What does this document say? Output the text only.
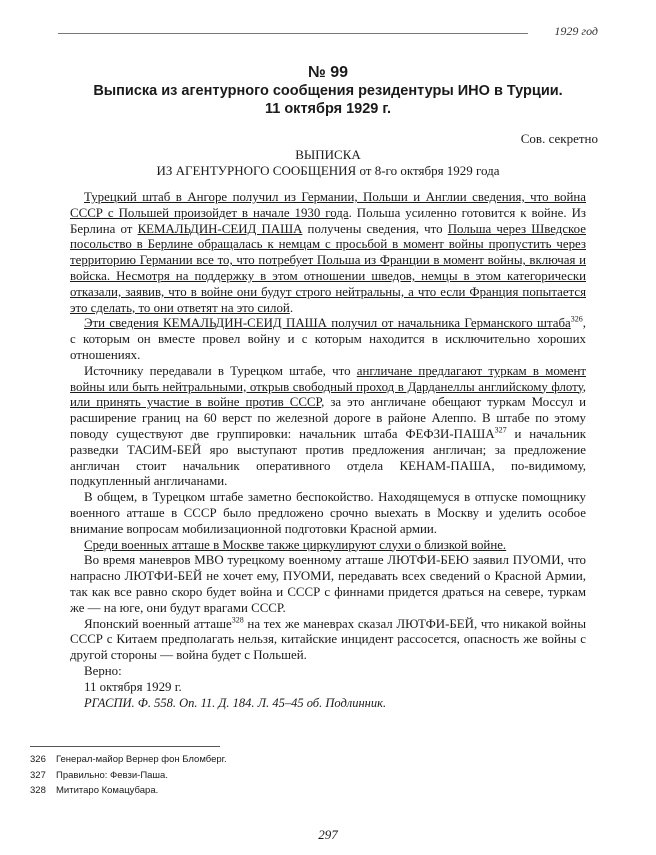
1929 год
№ 99
Выписка из агентурного сообщения резидентуры ИНО в Турции.
11 октября 1929 г.
Сов. секретно
ВЫПИСКА
ИЗ АГЕНТУРНОГО СООБЩЕНИЯ от 8-го октября 1929 года

Турецкий штаб в Ангоре получил из Германии, Польши и Англии сведения, что война СССР с Польшей произойдет в начале 1930 года. Польша усиленно готовится к войне. Из Берлина от КЕМАЛЬДИН-СЕИД ПАША получены сведения, что Польша через Шведское посольство в Берлине обращалась к немцам с просьбой в момент войны пропустить через территорию Германии все то, что потребует Польша из Франции в момент войны, включая и войска. Несмотря на поддержку в этом отношении шведов, немцы в этом категорически отказали, заявив, что в войне они будут строго нейтральны, а что если Франция попытается это сделать, то они ответят на это силой.

Эти сведения КЕМАЛЬДИН-СЕИД ПАША получил от начальника Германского штаба$^{326}$, с которым он вместе провел войну и с которым находится в исключительно хороших отношениях.

Источнику передавали в Турецком штабе, что англичане предлагают туркам в момент войны или быть нейтральными, открыв свободный проход в Дарданеллы английскому флоту, или принять участие в войне против СССР, за это англичане обещают туркам Моссул и расширение границ на 60 верст по железной дороге в районе Алеппо. В штабе по этому поводу существуют две группировки: начальник штаба ФЕФЗИ-ПАША$^{327}$ и начальник разведки ТАСИМ-БЕЙ яро выступают против предложения англичан; за предложение англичан стоит начальник оперативного отдела КЕНАМ-ПАША, по-видимому, подкупленный англичанами.

В общем, в Турецком штабе заметно беспокойство. Находящемуся в отпуске помощнику военного атташе в СССР было предложено срочно выехать в Москву и уделить особое внимание вопросам мобилизационной подготовки Красной армии.

Среди военных атташе в Москве также циркулируют слухи о близкой войне.

Во время маневров МВО турецкому военному атташе ЛЮТФИ-БЕЮ заявил ПУОМИ, что напрасно ЛЮТФИ-БЕЙ не хочет ему, ПУОМИ, передавать всех сведений о Красной Армии, так как все равно скоро будет война и СССР с финнами придется драться на севере, туркам же — на юге, они будут врагами СССР.

Японский военный атташе$^{328}$ на тех же маневрах сказал ЛЮТФИ-БЕЙ, что никакой войны СССР с Китаем предполагать нельзя, китайские инцидент рассосется, опасность же войны с другой стороны — война будет с Польшей.

Верно:

11 октября 1929 г.

РГАСПИ. Ф. 558. Оп. 11. Д. 184. Л. 45–45 об. Подлинник.

326 Генерал-майор Вернер фон Бломберг.
327 Правильно: Февзи-Паша.
328 Мититаро Комацубара.
297
